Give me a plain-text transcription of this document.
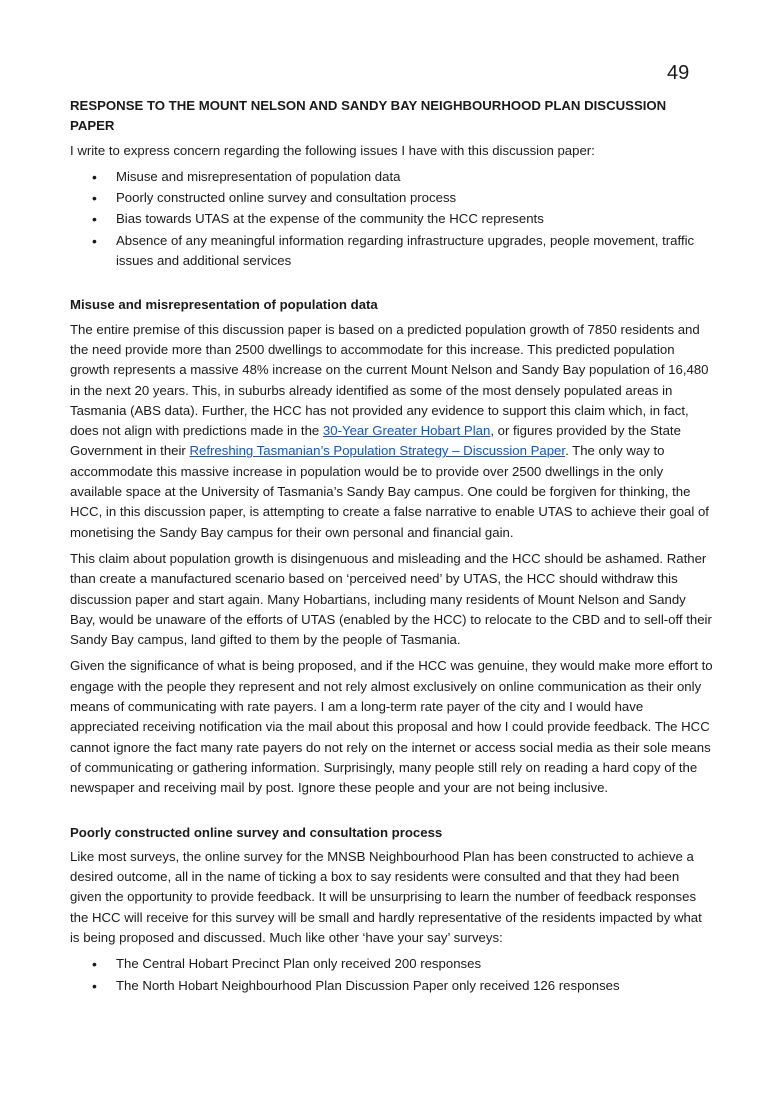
49
RESPONSE TO THE MOUNT NELSON AND SANDY BAY NEIGHBOURHOOD PLAN DISCUSSION PAPER

I write to express concern regarding the following issues I have with this discussion paper:

• Misuse and misrepresentation of population data
• Poorly constructed online survey and consultation process
• Bias towards UTAS at the expense of the community the HCC represents
• Absence of any meaningful information regarding infrastructure upgrades, people movement, traffic issues and additional services
Misuse and misrepresentation of population data

The entire premise of this discussion paper is based on a predicted population growth of 7850 residents and the need provide more than 2500 dwellings to accommodate for this increase. This predicted population growth represents a massive 48% increase on the current Mount Nelson and Sandy Bay population of 16,480 in the next 20 years. This, in suburbs already identified as some of the most densely populated areas in Tasmania (ABS data). Further, the HCC has not provided any evidence to support this claim which, in fact, does not align with predictions made in the 30-Year Greater Hobart Plan, or figures provided by the State Government in their Refreshing Tasmanian’s Population Strategy – Discussion Paper. The only way to accommodate this massive increase in population would be to provide over 2500 dwellings in the only available space at the University of Tasmania’s Sandy Bay campus. One could be forgiven for thinking, the HCC, in this discussion paper, is attempting to create a false narrative to enable UTAS to achieve their goal of monetising the Sandy Bay campus for their own personal and financial gain.

This claim about population growth is disingenuous and misleading and the HCC should be ashamed. Rather than create a manufactured scenario based on ‘perceived need’ by UTAS, the HCC should withdraw this discussion paper and start again. Many Hobartians, including many residents of Mount Nelson and Sandy Bay, would be unaware of the efforts of UTAS (enabled by the HCC) to relocate to the CBD and to sell-off their Sandy Bay campus, land gifted to them by the people of Tasmania.

Given the significance of what is being proposed, and if the HCC was genuine, they would make more effort to engage with the people they represent and not rely almost exclusively on online communication as their only means of communicating with rate payers. I am a long-term rate payer of the city and I would have appreciated receiving notification via the mail about this proposal and how I could provide feedback. The HCC cannot ignore the fact many rate payers do not rely on the internet or access social media as their sole means of communicating or gathering information. Surprisingly, many people still rely on reading a hard copy of the newspaper and receiving mail by post. Ignore these people and your are not being inclusive.

Poorly constructed online survey and consultation process

Like most surveys, the online survey for the MNSB Neighbourhood Plan has been constructed to achieve a desired outcome, all in the name of ticking a box to say residents were consulted and that they had been given the opportunity to provide feedback. It will be unsurprising to learn the number of feedback responses the HCC will receive for this survey will be small and hardly representative of the residents impacted by what is being proposed and discussed. Much like other ‘have your say’ surveys:

• The Central Hobart Precinct Plan only received 200 responses
• The North Hobart Neighbourhood Plan Discussion Paper only received 126 responses
